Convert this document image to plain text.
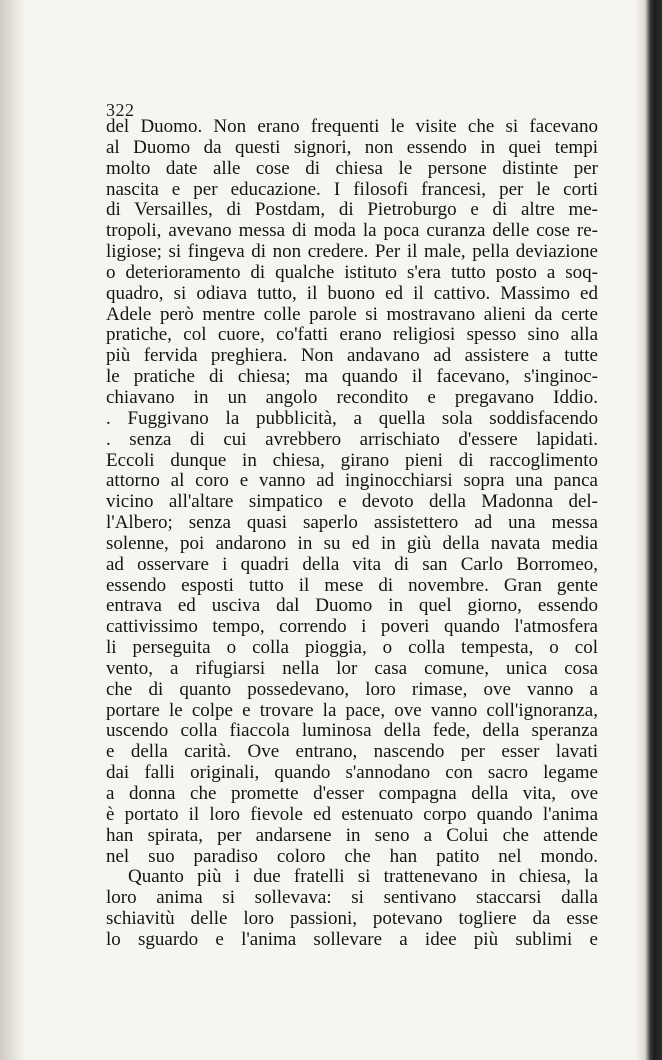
322
del Duomo. Non erano frequenti le visite che si facevano
al Duomo da questi signori, non essendo in quei tempi
molto date alle cose di chiesa le persone distinte per
nascita e per educazione. I filosofi francesi, per le corti
di Versailles, di Postdam, di Pietroburgo e di altre me-
tropoli, avevano messa di moda la poca curanza delle cose re-
ligiose; si fingeva di non credere. Per il male, pella deviazione
o deterioramento di qualche istituto s'era tutto posto a soq-
quadro, si odiava tutto, il buono ed il cattivo. Massimo ed
Adele però mentre colle parole si mostravano alieni da certe
pratiche, col cuore, co'fatti erano religiosi spesso sino alla
più fervida preghiera. Non andavano ad assistere a tutte
le pratiche di chiesa; ma quando il facevano, s'inginoc-
chiavano in un angolo recondito e pregavano Iddio.
. Fuggivano la pubblicità, a quella sola soddisfacendo
. senza di cui avrebbero arrischiato d'essere lapidati.
Eccoli dunque in chiesa, girano pieni di raccoglimento
attorno al coro e vanno ad inginocchiarsi sopra una panca
vicino all'altare simpatico e devoto della Madonna del-
l'Albero; senza quasi saperlo assistettero ad una messa
solenne, poi andarono in su ed in giù della navata media
ad osservare i quadri della vita di san Carlo Borromeo,
essendo esposti tutto il mese di novembre. Gran gente
entrava ed usciva dal Duomo in quel giorno, essendo
cattivissimo tempo, correndo i poveri quando l'atmosfera
li perseguita o colla pioggia, o colla tempesta, o col
vento, a rifugiarsi nella lor casa comune, unica cosa
che di quanto possedevano, loro rimase, ove vanno a
portare le colpe e trovare la pace, ove vanno coll'ignoranza,
uscendo colla fiaccola luminosa della fede, della speranza
e della carità. Ove entrano, nascendo per esser lavati
dai falli originali, quando s'annodano con sacro legame
a donna che promette d'esser compagna della vita, ove
è portato il loro fievole ed estenuato corpo quando l'anima
han spirata, per andarsene in seno a Colui che attende
nel suo paradiso coloro che han patito nel mondo.
Quanto più i due fratelli si trattenevano in chiesa, la
loro anima si sollevava: si sentivano staccarsi dalla
schiavitù delle loro passioni, potevano togliere da esse
lo sguardo e l'anima sollevare a idee più sublimi e
